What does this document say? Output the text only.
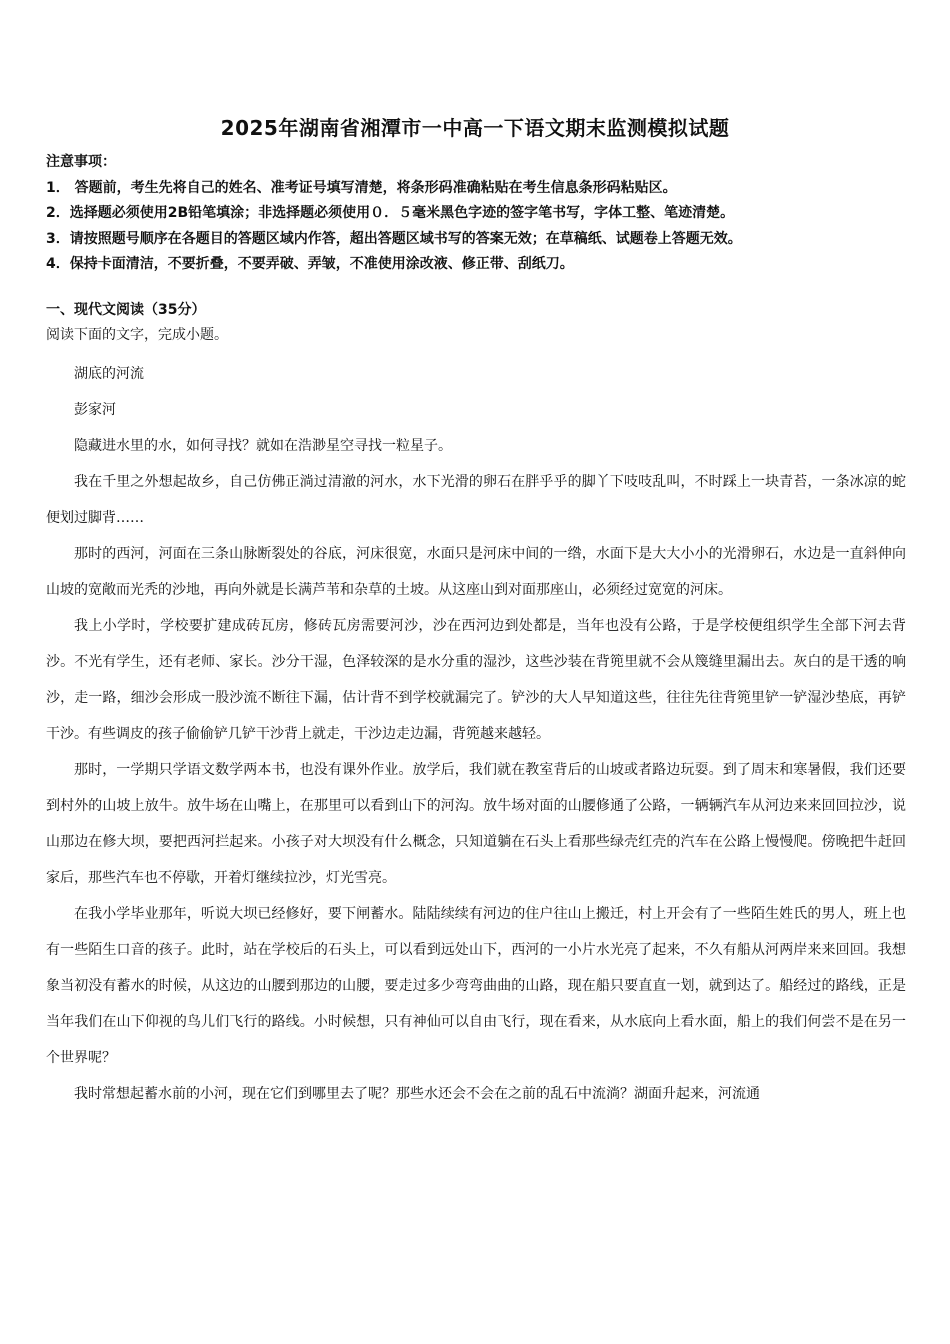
2025年湖南省湘潭市一中高一下语文期末监测模拟试题
注意事项：
1． 答题前，考生先将自己的姓名、准考证号填写清楚，将条形码准确粘贴在考生信息条形码粘贴区。
2．选择题必须使用2B铅笔填涂；非选择题必须使用０．５毫米黑色字迹的签字笔书写，字体工整、笔迹清楚。
3．请按照题号顺序在各题目的答题区域内作答，超出答题区域书写的答案无效；在草稿纸、试题卷上答题无效。
4．保持卡面清洁，不要折叠，不要弄破、弄皱，不准使用涂改液、修正带、刮纸刀。
一、现代文阅读（35分）
阅读下面的文字，完成小题。

湖底的河流

彭家河

隐藏进水里的水，如何寻找？就如在浩渺星空寻找一粒星子。

我在千里之外想起故乡，自己仿佛正淌过清澈的河水，水下光滑的卵石在胖乎乎的脚丫下吱吱乱叫，不时踩上一块青苔，一条冰凉的蛇便划过脚背……

那时的西河，河面在三条山脉断裂处的谷底，河床很宽，水面只是河床中间的一绺，水面下是大大小小的光滑卵石，水边是一直斜伸向山坡的宽敞而光秃的沙地，再向外就是长满芦苇和杂草的土坡。从这座山到对面那座山，必须经过宽宽的河床。

我上小学时，学校要扩建成砖瓦房，修砖瓦房需要河沙，沙在西河边到处都是，当年也没有公路，于是学校便组织学生全部下河去背沙。不光有学生，还有老师、家长。沙分干湿，色泽较深的是水分重的湿沙，这些沙装在背篼里就不会从篾缝里漏出去。灰白的是干透的响沙，走一路，细沙会形成一股沙流不断往下漏，估计背不到学校就漏完了。铲沙的大人早知道这些，往往先往背篼里铲一铲湿沙垫底，再铲干沙。有些调皮的孩子偷偷铲几铲干沙背上就走，干沙边走边漏，背篼越来越轻。

那时，一学期只学语文数学两本书，也没有课外作业。放学后，我们就在教室背后的山坡或者路边玩耍。到了周末和寒暑假，我们还要到村外的山坡上放牛。放牛场在山嘴上，在那里可以看到山下的河沟。放牛场对面的山腰修通了公路，一辆辆汽车从河边来来回回拉沙，说山那边在修大坝，要把西河拦起来。小孩子对大坝没有什么概念，只知道躺在石头上看那些绿壳红壳的汽车在公路上慢慢爬。傍晚把牛赶回家后，那些汽车也不停歇，开着灯继续拉沙，灯光雪亮。

在我小学毕业那年，听说大坝已经修好，要下闸蓄水。陆陆续续有河边的住户往山上搬迁，村上开会有了一些陌生姓氏的男人，班上也有一些陌生口音的孩子。此时，站在学校后的石头上，可以看到远处山下，西河的一小片水光亮了起来，不久有船从河两岸来来回回。我想象当初没有蓄水的时候，从这边的山腰到那边的山腰，要走过多少弯弯曲曲的山路，现在船只要直直一划，就到达了。船经过的路线，正是当年我们在山下仰视的鸟儿们飞行的路线。小时候想，只有神仙可以自由飞行，现在看来，从水底向上看水面，船上的我们何尝不是在另一个世界呢？

我时常想起蓄水前的小河，现在它们到哪里去了呢？那些水还会不会在之前的乱石中流淌？湖面升起来，河流通
